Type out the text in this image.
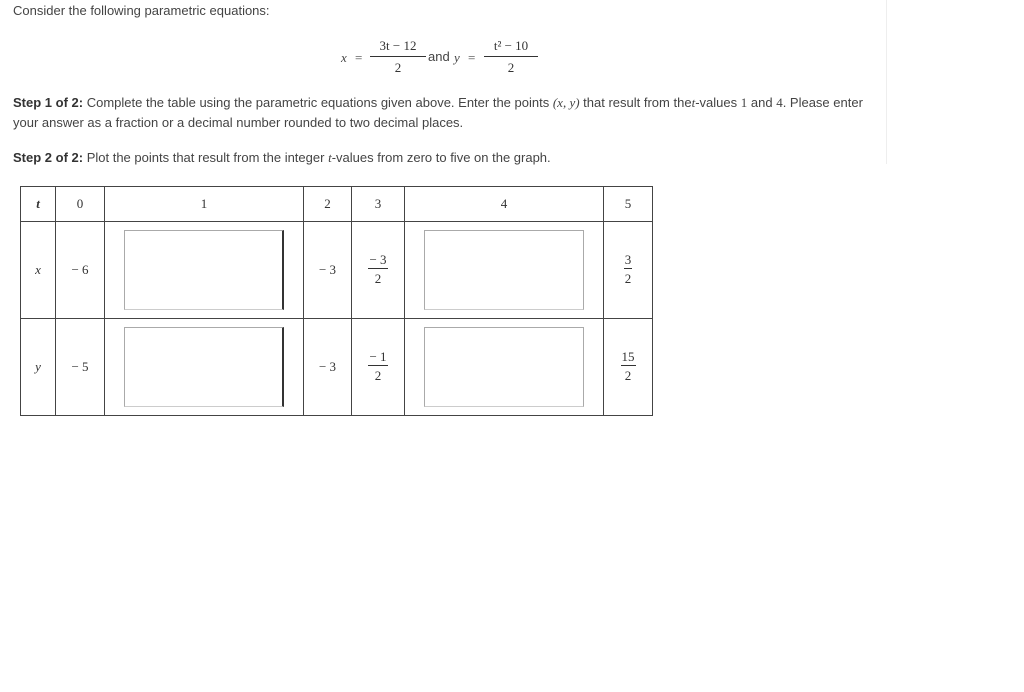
Consider the following parametric equations:
$x = \frac{3t - 12}{2}$ and $y = \frac{\text{t² − 10}}{2}$
Step 1 of 2: Complete the table using the parametric equations given above. Enter the points (x, y) that result from thet-values 1 and 4. Please enter your answer as a fraction or a decimal number rounded to two decimal places.
Step 2 of 2: Plot the points that result from the integer t-values from zero to five on the graph.
t	0	1	2	3	4	5
x	− 6		− 3	$\frac{- 3}{2}$		$\frac{3}{2}$

y	− 5		− 3	$\frac{- 1}{2}$		$\frac{15}{2}$
